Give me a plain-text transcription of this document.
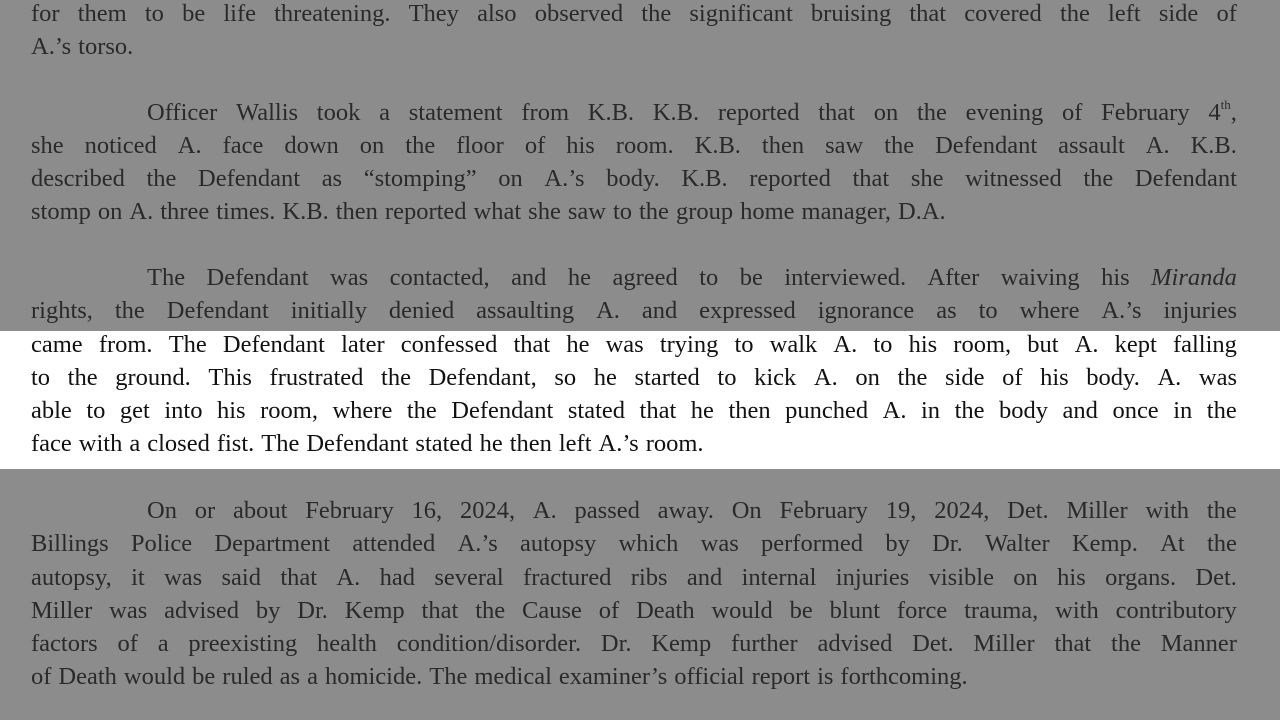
for them to be life threatening. They also observed the significant bruising that covered the left side of
A.’s torso.
Officer Wallis took a statement from K.B. K.B. reported that on the evening of February 4th,
she noticed A. face down on the floor of his room. K.B. then saw the Defendant assault A. K.B.
described the Defendant as “stomping” on A.’s body. K.B. reported that she witnessed the Defendant
stomp on A. three times. K.B. then reported what she saw to the group home manager, D.A.
The Defendant was contacted, and he agreed to be interviewed. After waiving his Miranda
rights, the Defendant initially denied assaulting A. and expressed ignorance as to where A.’s injuries
came from. The Defendant later confessed that he was trying to walk A. to his room, but A. kept falling
to the ground. This frustrated the Defendant, so he started to kick A. on the side of his body. A. was
able to get into his room, where the Defendant stated that he then punched A. in the body and once in the
face with a closed fist. The Defendant stated he then left A.’s room.
On or about February 16, 2024, A. passed away. On February 19, 2024, Det. Miller with the
Billings Police Department attended A.’s autopsy which was performed by Dr. Walter Kemp. At the
autopsy, it was said that A. had several fractured ribs and internal injuries visible on his organs. Det.
Miller was advised by Dr. Kemp that the Cause of Death would be blunt force trauma, with contributory
factors of a preexisting health condition/disorder. Dr. Kemp further advised Det. Miller that the Manner
of Death would be ruled as a homicide. The medical examiner’s official report is forthcoming.
